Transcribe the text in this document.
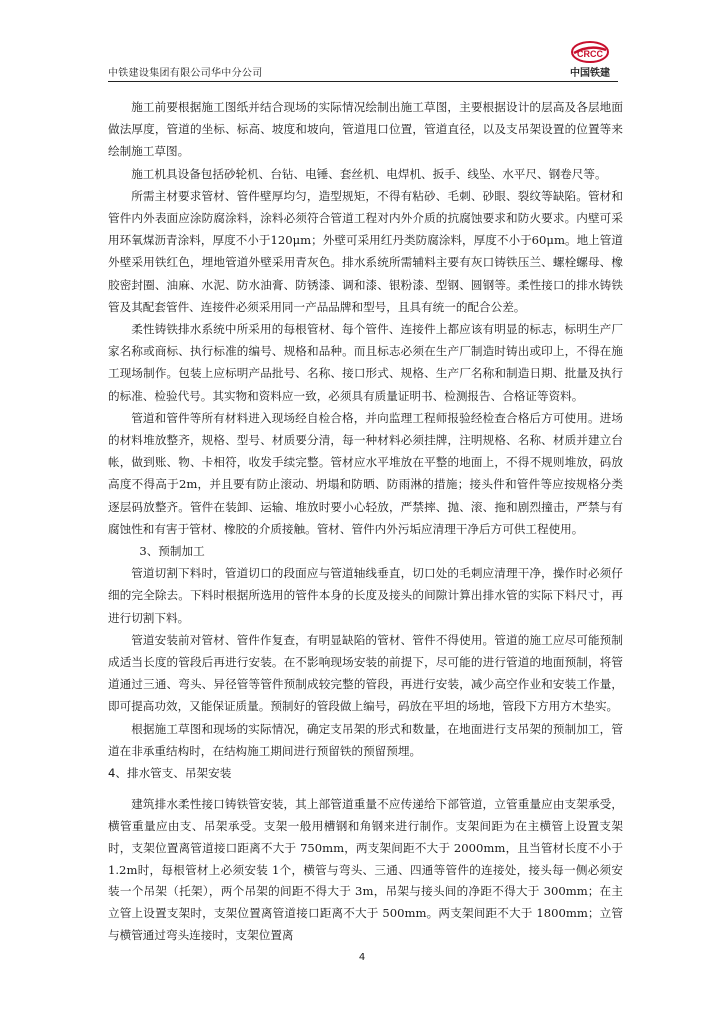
中铁建设集团有限公司华中分公司
CRCC
中国铁建

施工前要根据施工图纸并结合现场的实际情况绘制出施工草图，主要根据设计的层高及各层地面做法厚度，管道的坐标、标高、坡度和坡向，管道甩口位置，管道直径，以及支吊架设置的位置等来绘制施工草图。

施工机具设备包括砂轮机、台钻、电锤、套丝机、电焊机、扳手、线坠、水平尺、钢卷尺等。

所需主材要求管材、管件壁厚均匀，造型规矩，不得有粘砂、毛刺、砂眼、裂纹等缺陷。管材和管件内外表面应涂防腐涂料，涂料必须符合管道工程对内外介质的抗腐蚀要求和防火要求。内壁可采用环氧煤沥青涂料，厚度不小于120μm；外壁可采用红丹类防腐涂料，厚度不小于60μm。地上管道外壁采用铁红色，埋地管道外壁采用青灰色。排水系统所需辅料主要有灰口铸铁压兰、螺栓螺母、橡胶密封圈、油麻、水泥、防水油膏、防锈漆、调和漆、银粉漆、型钢、圆钢等。柔性接口的排水铸铁管及其配套管件、连接件必须采用同一产品品牌和型号，且具有统一的配合公差。

柔性铸铁排水系统中所采用的每根管材、每个管件、连接件上都应该有明显的标志，标明生产厂家名称或商标、执行标准的编号、规格和品种。而且标志必须在生产厂制造时铸出或印上，不得在施工现场制作。包装上应标明产品批号、名称、接口形式、规格、生产厂名称和制造日期、批量及执行的标准、检验代号。其实物和资料应一致，必须具有质量证明书、检测报告、合格证等资料。

管道和管件等所有材料进入现场经自检合格，并向监理工程师报验经检查合格后方可使用。进场的材料堆放整齐，规格、型号、材质要分清，每一种材料必须挂牌，注明规格、名称、材质并建立台帐，做到账、物、卡相符，收发手续完整。管材应水平堆放在平整的地面上，不得不规则堆放，码放高度不得高于2m，并且要有防止滚动、坍塌和防晒、防雨淋的措施；接头件和管件等应按规格分类逐层码放整齐。管件在装卸、运输、堆放时要小心轻放，严禁摔、抛、滚、拖和剧烈撞击，严禁与有腐蚀性和有害于管材、橡胶的介质接触。管材、管件内外污垢应清理干净后方可供工程使用。

3、预制加工

管道切割下料时，管道切口的段面应与管道轴线垂直，切口处的毛刺应清理干净，操作时必须仔细的完全除去。下料时根据所选用的管件本身的长度及接头的间隙计算出排水管的实际下料尺寸，再进行切割下料。

管道安装前对管材、管件作复查，有明显缺陷的管材、管件不得使用。管道的施工应尽可能预制成适当长度的管段后再进行安装。在不影响现场安装的前提下，尽可能的进行管道的地面预制，将管道通过三通、弯头、异径管等管件预制成较完整的管段，再进行安装，减少高空作业和安装工作量，即可提高功效，又能保证质量。预制好的管段做上编号，码放在平坦的场地，管段下方用方木垫实。

根据施工草图和现场的实际情况，确定支吊架的形式和数量，在地面进行支吊架的预制加工，管道在非承重结构时，在结构施工期间进行预留铁的预留预埋。

4、排水管支、吊架安装

建筑排水柔性接口铸铁管安装，其上部管道重量不应传递给下部管道，立管重量应由支架承受，横管重量应由支、吊架承受。支架一般用槽钢和角钢来进行制作。支架间距为在主横管上设置支架时，支架位置离管道接口距离不大于 750mm，两支架间距不大于 2000mm，且当管材长度不小于 1.2m时，每根管材上必须安装 1个，横管与弯头、三通、四通等管件的连接处，接头每一侧必须安装一个吊架（托架），两个吊架的间距不得大于 3m，吊架与接头间的净距不得大于 300mm；在主立管上设置支架时，支架位置离管道接口距离不大于 500mm。两支架间距不大于 1800mm；立管与横管通过弯头连接时，支架位置离

4
